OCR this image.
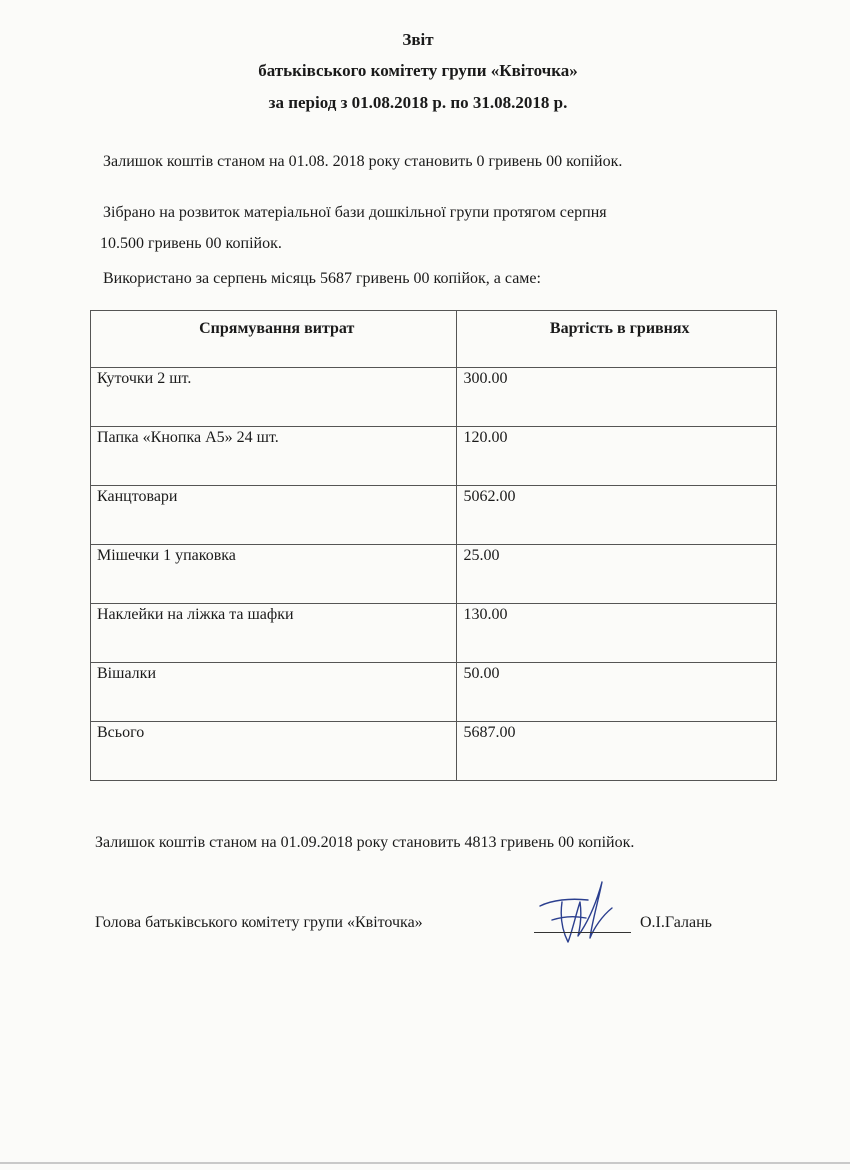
Звіт
батьківського комітету групи «Квіточка»
за період з 01.08.2018 р. по 31.08.2018 р.
Залишок коштів станом на 01.08. 2018 року становить 0 гривень 00 копійок.
Зібрано на розвиток матеріальної бази дошкільної групи протягом серпня
10.500 гривень 00 копійок.
Використано за серпень місяць 5687 гривень 00 копійок, а саме:
Спрямування витрат	Вартість в гривнях
Куточки 2 шт.	300.00
Папка «Кнопка А5» 24 шт.	120.00
Канцтовари	5062.00
Мішечки 1 упаковка	25.00
Наклейки на ліжка та шафки	130.00
Вішалки	50.00
Всього	5687.00
Залишок коштів станом на 01.09.2018 року становить 4813 гривень 00 копійок.
Голова батьківського комітету групи «Квіточка»	О.І.Галань
